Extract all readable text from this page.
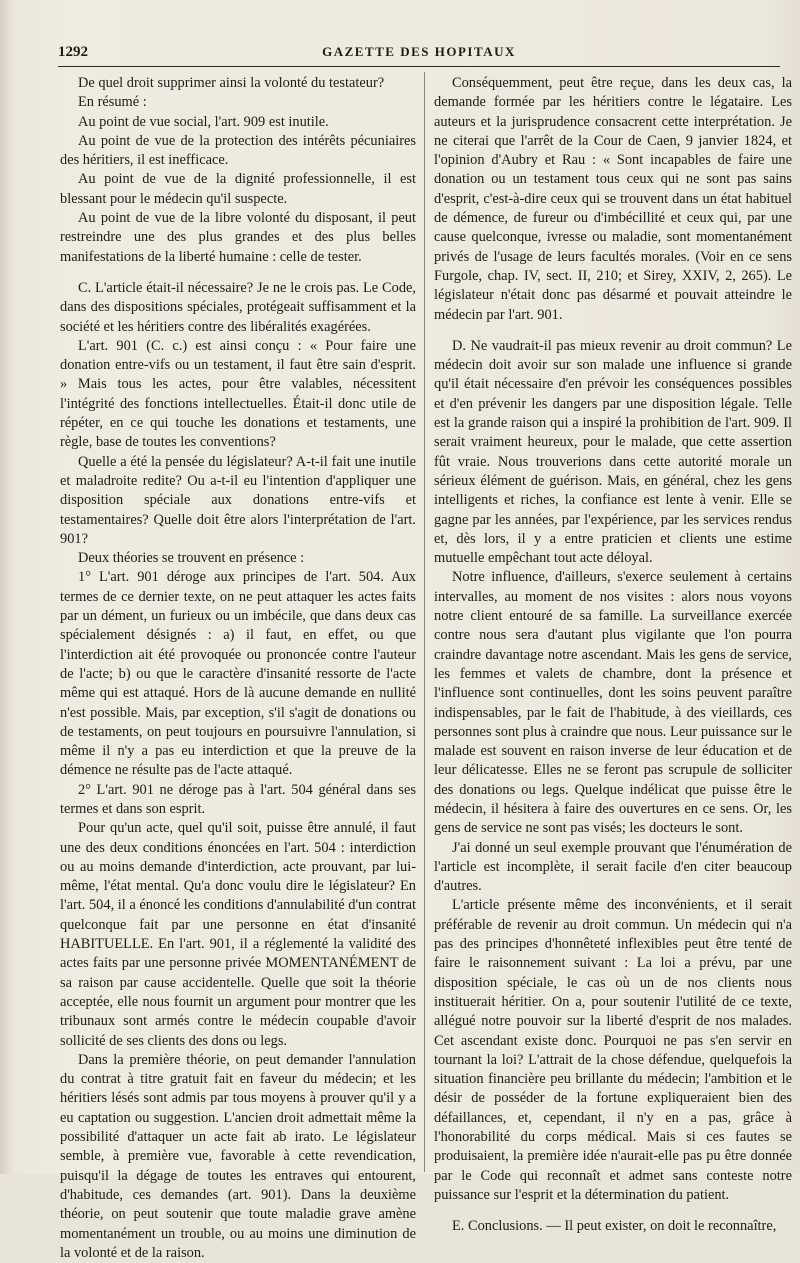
1292	GAZETTE DES HOPITAUX

De quel droit supprimer ainsi la volonté du testateur?

En résumé :

Au point de vue social, l'art. 909 est inutile.

Au point de vue de la protection des intérêts pécuniaires des héritiers, il est inefficace.

Au point de vue de la dignité professionnelle, il est blessant pour le médecin qu'il suspecte.

Au point de vue de la libre volonté du disposant, il peut restreindre une des plus grandes et des plus belles manifestations de la liberté humaine : celle de tester.

C. L'article était-il nécessaire? Je ne le crois pas. Le Code, dans des dispositions spéciales, protégeait suffisamment et la société et les héritiers contre des libéralités exagérées.

L'art. 901 (C. c.) est ainsi conçu : « Pour faire une donation entre-vifs ou un testament, il faut être sain d'esprit. » Mais tous les actes, pour être valables, nécessitent l'intégrité des fonctions intellectuelles. Était-il donc utile de répéter, en ce qui touche les donations et testaments, une règle, base de toutes les conventions?

Quelle a été la pensée du législateur? A-t-il fait une inutile et maladroite redite? Ou a-t-il eu l'intention d'appliquer une disposition spéciale aux donations entre-vifs et testamentaires? Quelle doit être alors l'interprétation de l'art. 901?

Deux théories se trouvent en présence :

1° L'art. 901 déroge aux principes de l'art. 504. Aux termes de ce dernier texte, on ne peut attaquer les actes faits par un dément, un furieux ou un imbécile, que dans deux cas spécialement désignés : a) il faut, en effet, ou que l'interdiction ait été provoquée ou prononcée contre l'auteur de l'acte; b) ou que le caractère d'insanité ressorte de l'acte même qui est attaqué. Hors de là aucune demande en nullité n'est possible. Mais, par exception, s'il s'agit de donations ou de testaments, on peut toujours en poursuivre l'annulation, si même il n'y a pas eu interdiction et que la preuve de la démence ne résulte pas de l'acte attaqué.

2° L'art. 901 ne déroge pas à l'art. 504 général dans ses termes et dans son esprit.

Pour qu'un acte, quel qu'il soit, puisse être annulé, il faut une des deux conditions énoncées en l'art. 504 : interdiction ou au moins demande d'interdiction, acte prouvant, par lui-même, l'état mental. Qu'a donc voulu dire le législateur? En l'art. 504, il a énoncé les conditions d'annulabilité d'un contrat quelconque fait par une personne en état d'insanité HABITUELLE. En l'art. 901, il a réglementé la validité des actes faits par une personne privée MOMENTANÉMENT de sa raison par cause accidentelle. Quelle que soit la théorie acceptée, elle nous fournit un argument pour montrer que les tribunaux sont armés contre le médecin coupable d'avoir sollicité de ses clients des dons ou legs.

Dans la première théorie, on peut demander l'annulation du contrat à titre gratuit fait en faveur du médecin; et les héritiers lésés sont admis par tous moyens à prouver qu'il y a eu captation ou suggestion. L'ancien droit admettait même la possibilité d'attaquer un acte fait ab irato. Le législateur semble, à première vue, favorable à cette revendication, puisqu'il la dégage de toutes les entraves qui entourent, d'habitude, ces demandes (art. 901). Dans la deuxième théorie, on peut soutenir que toute maladie grave amène momentanément un trouble, ou au moins une diminution de la volonté et de la raison.

Conséquemment, peut être reçue, dans les deux cas, la demande formée par les héritiers contre le légataire. Les auteurs et la jurisprudence consacrent cette interprétation. Je ne citerai que l'arrêt de la Cour de Caen, 9 janvier 1824, et l'opinion d'Aubry et Rau : « Sont incapables de faire une donation ou un testament tous ceux qui ne sont pas sains d'esprit, c'est-à-dire ceux qui se trouvent dans un état habituel de démence, de fureur ou d'imbécillité et ceux qui, par une cause quelconque, ivresse ou maladie, sont momentanément privés de l'usage de leurs facultés morales. (Voir en ce sens Furgole, chap. IV, sect. II, 210; et Sirey, XXIV, 2, 265). Le législateur n'était donc pas désarmé et pouvait atteindre le médecin par l'art. 901.

D. Ne vaudrait-il pas mieux revenir au droit commun? Le médecin doit avoir sur son malade une influence si grande qu'il était nécessaire d'en prévoir les conséquences possibles et d'en prévenir les dangers par une disposition légale. Telle est la grande raison qui a inspiré la prohibition de l'art. 909. Il serait vraiment heureux, pour le malade, que cette assertion fût vraie. Nous trouverions dans cette autorité morale un sérieux élément de guérison. Mais, en général, chez les gens intelligents et riches, la confiance est lente à venir. Elle se gagne par les années, par l'expérience, par les services rendus et, dès lors, il y a entre praticien et clients une estime mutuelle empêchant tout acte déloyal.

Notre influence, d'ailleurs, s'exerce seulement à certains intervalles, au moment de nos visites : alors nous voyons notre client entouré de sa famille. La surveillance exercée contre nous sera d'autant plus vigilante que l'on pourra craindre davantage notre ascendant. Mais les gens de service, les femmes et valets de chambre, dont la présence et l'influence sont continuelles, dont les soins peuvent paraître indispensables, par le fait de l'habitude, à des vieillards, ces personnes sont plus à craindre que nous. Leur puissance sur le malade est souvent en raison inverse de leur éducation et de leur délicatesse. Elles ne se feront pas scrupule de solliciter des donations ou legs. Quelque indélicat que puisse être le médecin, il hésitera à faire des ouvertures en ce sens. Or, les gens de service ne sont pas visés; les docteurs le sont.

J'ai donné un seul exemple prouvant que l'énumération de l'article est incomplète, il serait facile d'en citer beaucoup d'autres.

L'article présente même des inconvénients, et il serait préférable de revenir au droit commun. Un médecin qui n'a pas des principes d'honnêteté inflexibles peut être tenté de faire le raisonnement suivant : La loi a prévu, par une disposition spéciale, le cas où un de nos clients nous instituerait héritier. On a, pour soutenir l'utilité de ce texte, allégué notre pouvoir sur la liberté d'esprit de nos malades. Cet ascendant existe donc. Pourquoi ne pas s'en servir en tournant la loi? L'attrait de la chose défendue, quelquefois la situation financière peu brillante du médecin; l'ambition et le désir de posséder de la fortune expliqueraient bien des défaillances, et, cependant, il n'y en a pas, grâce à l'honorabilité du corps médical. Mais si ces fautes se produisaient, la première idée n'aurait-elle pas pu être donnée par le Code qui reconnaît et admet sans conteste notre puissance sur l'esprit et la détermination du patient.

E. Conclusions. — Il peut exister, on doit le reconnaître,
